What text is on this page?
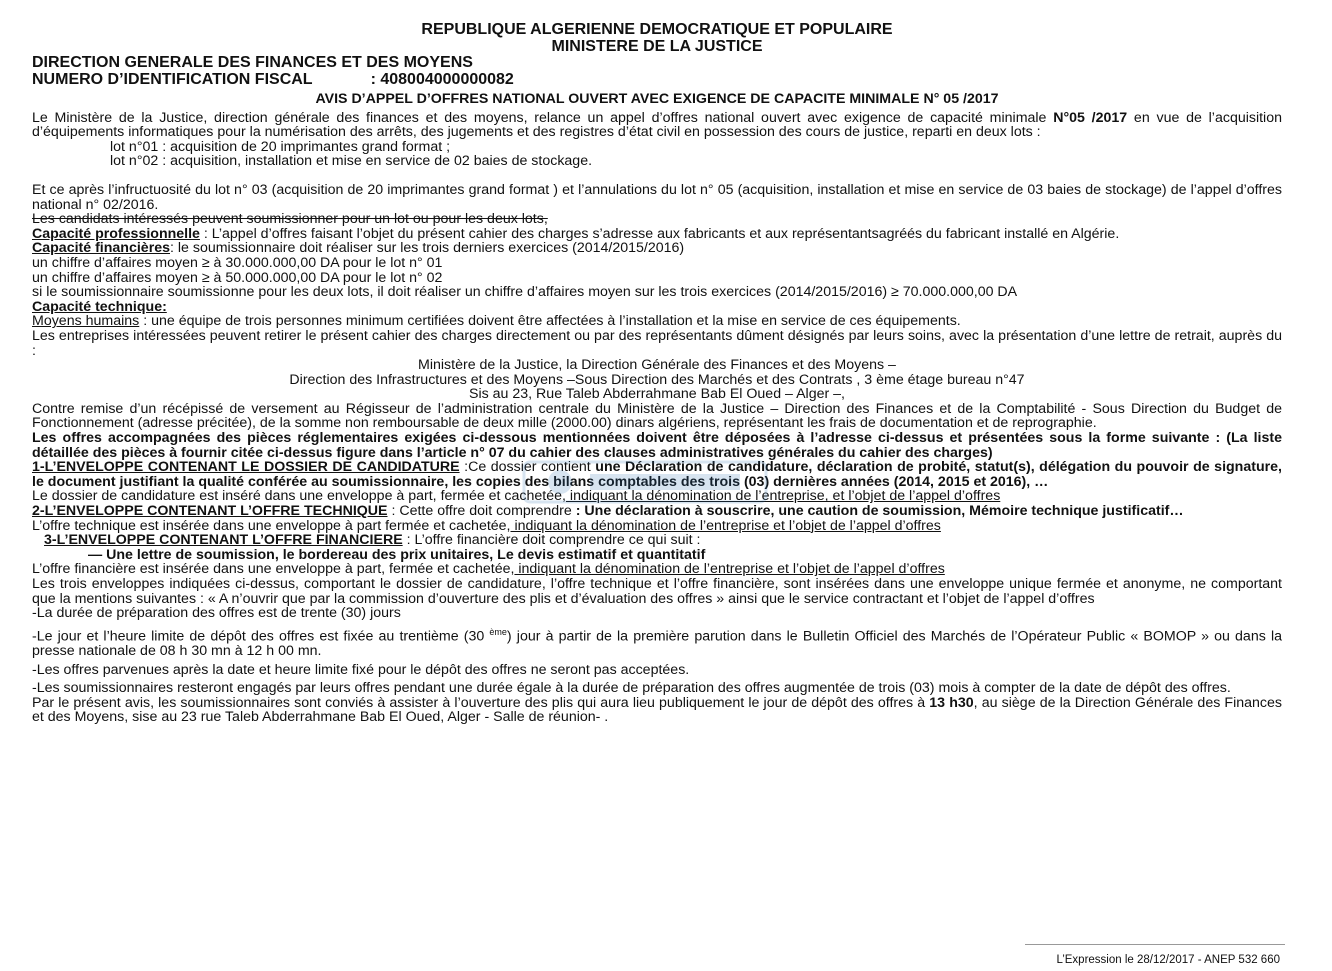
REPUBLIQUE ALGERIENNE DEMOCRATIQUE ET POPULAIRE

MINISTERE DE LA JUSTICE

DIRECTION GENERALE DES FINANCES ET DES MOYENS

NUMERO D’IDENTIFICATION FISCAL	: 408004000000082

AVIS D’APPEL D’OFFRES NATIONAL OUVERT AVEC EXIGENCE DE CAPACITE MINIMALE N° 05 /2017

Le Ministère de la Justice, direction générale des finances et des moyens, relance un appel d’offres national ouvert avec exigence de capacité minimale N°05 /2017 en vue de l’acquisition d’équipements informatiques pour la numérisation des arrêts, des jugements et des registres d’état civil en possession des cours de justice, reparti en deux lots :

lot n°01 : acquisition de 20 imprimantes grand format ;

lot n°02 : acquisition, installation et mise en service de 02 baies de stockage.

Et ce après l’infructuosité du lot n° 03 (acquisition de 20 imprimantes grand format ) et l’annulations du lot n° 05 (acquisition, installation et mise en service de 03 baies de stockage) de l’appel d’offres national n° 02/2016.

Les candidats intéressés peuvent soumissionner pour un lot ou pour les deux lots,

Capacité professionnelle : L’appel d’offres faisant l’objet du présent cahier des charges s’adresse aux fabricants et aux représentantsagréés du fabricant installé en Algérie.

Capacité financières: le soumissionnaire doit réaliser sur les trois derniers exercices (2014/2015/2016)

un chiffre d’affaires moyen ≥ à 30.000.000,00 DA pour le lot n° 01

un chiffre d’affaires moyen ≥ à 50.000.000,00 DA pour le lot n° 02

si le soumissionnaire soumissionne pour les deux lots, il doit réaliser un chiffre d’affaires moyen sur les trois exercices (2014/2015/2016) ≥ 70.000.000,00 DA

Capacité technique:

Moyens humains : une équipe de trois personnes minimum certifiées doivent être affectées à l’installation et la mise en service de ces équipements.

Les entreprises intéressées peuvent retirer le présent cahier des charges directement ou par des représentants dûment désignés par leurs soins, avec la présentation d’une lettre de retrait, auprès du :

Ministère de la Justice, la Direction Générale des Finances et des Moyens –

Direction des Infrastructures et des Moyens –Sous Direction des Marchés et des Contrats , 3 ème étage bureau n°47

Sis au 23, Rue Taleb Abderrahmane Bab El Oued – Alger –,

Contre remise d’un récépissé de versement au Régisseur de l’administration centrale du Ministère de la Justice – Direction des Finances et de la Comptabilité - Sous Direction du Budget de Fonctionnement (adresse précitée), de la somme non remboursable de deux mille (2000.00) dinars algériens, représentant les frais de documentation et de reprographie.

Les offres accompagnées des pièces réglementaires exigées ci-dessous mentionnées doivent être déposées à l’adresse ci-dessus et présentées sous la forme suivante : (La liste détaillée des pièces à fournir citée ci-dessus figure dans l’article n° 07 du cahier des clauses administratives générales du cahier des charges)

1-L’ENVELOPPE CONTENANT LE DOSSIER DE CANDIDATURE :Ce dossier contient une Déclaration de candidature, déclaration de probité, statut(s), délégation du pouvoir de signature, le document justifiant la qualité conférée au soumissionnaire, les copies des bilans comptables des trois (03) dernières années (2014, 2015 et 2016), …

Le dossier de candidature est inséré dans une enveloppe à part, fermée et cachetée, indiquant la dénomination de l’entreprise, et l’objet de l’appel d’offres

2-L’ENVELOPPE CONTENANT L’OFFRE TECHNIQUE : Cette offre doit comprendre : Une déclaration à souscrire, une caution de soumission, Mémoire technique justificatif…

L’offre technique est insérée dans une enveloppe à part fermée et cachetée, indiquant la dénomination de l’entreprise et l’objet de l’appel d’offres

3-L’ENVELOPPE CONTENANT L’OFFRE FINANCIERE : L’offre financière doit comprendre ce qui suit :

— Une lettre de soumission, le bordereau des prix unitaires, Le devis estimatif et quantitatif

L’offre financière est insérée dans une enveloppe à part, fermée et cachetée, indiquant la dénomination de l’entreprise et l’objet de l’appel d’offres

Les trois enveloppes indiquées ci-dessus, comportant le dossier de candidature, l’offre technique et l’offre financière, sont insérées dans une enveloppe unique fermée et anonyme, ne comportant que la mentions suivantes : « A n’ouvrir que par la commission d’ouverture des plis et d’évaluation des offres » ainsi que le service contractant et l’objet de l’appel d’offres

-La durée de préparation des offres est de trente (30) jours

-Le jour et l’heure limite de dépôt des offres est fixée au trentième (30 $^{ème}$) jour à partir de la première parution dans le Bulletin Officiel des Marchés de l’Opérateur Public « BOMOP » ou dans la presse nationale de 08 h 30 mn à 12 h 00 mn.

-Les offres parvenues après la date et heure limite fixé pour le dépôt des offres ne seront pas acceptées.

-Les soumissionnaires resteront engagés par leurs offres pendant une durée égale à la durée de préparation des offres augmentée de trois (03) mois à compter de la date de dépôt des offres.

Par le présent avis, les soumissionnaires sont conviés à assister à l’ouverture des plis qui aura lieu publiquement le jour de dépôt des offres à 13 h30, au siège de la Direction Générale des Finances et des Moyens, sise au 23 rue Taleb Abderrahmane Bab El Oued, Alger - Salle de réunion- .

L’Expression le 28/12/2017 - ANEP 532 660
